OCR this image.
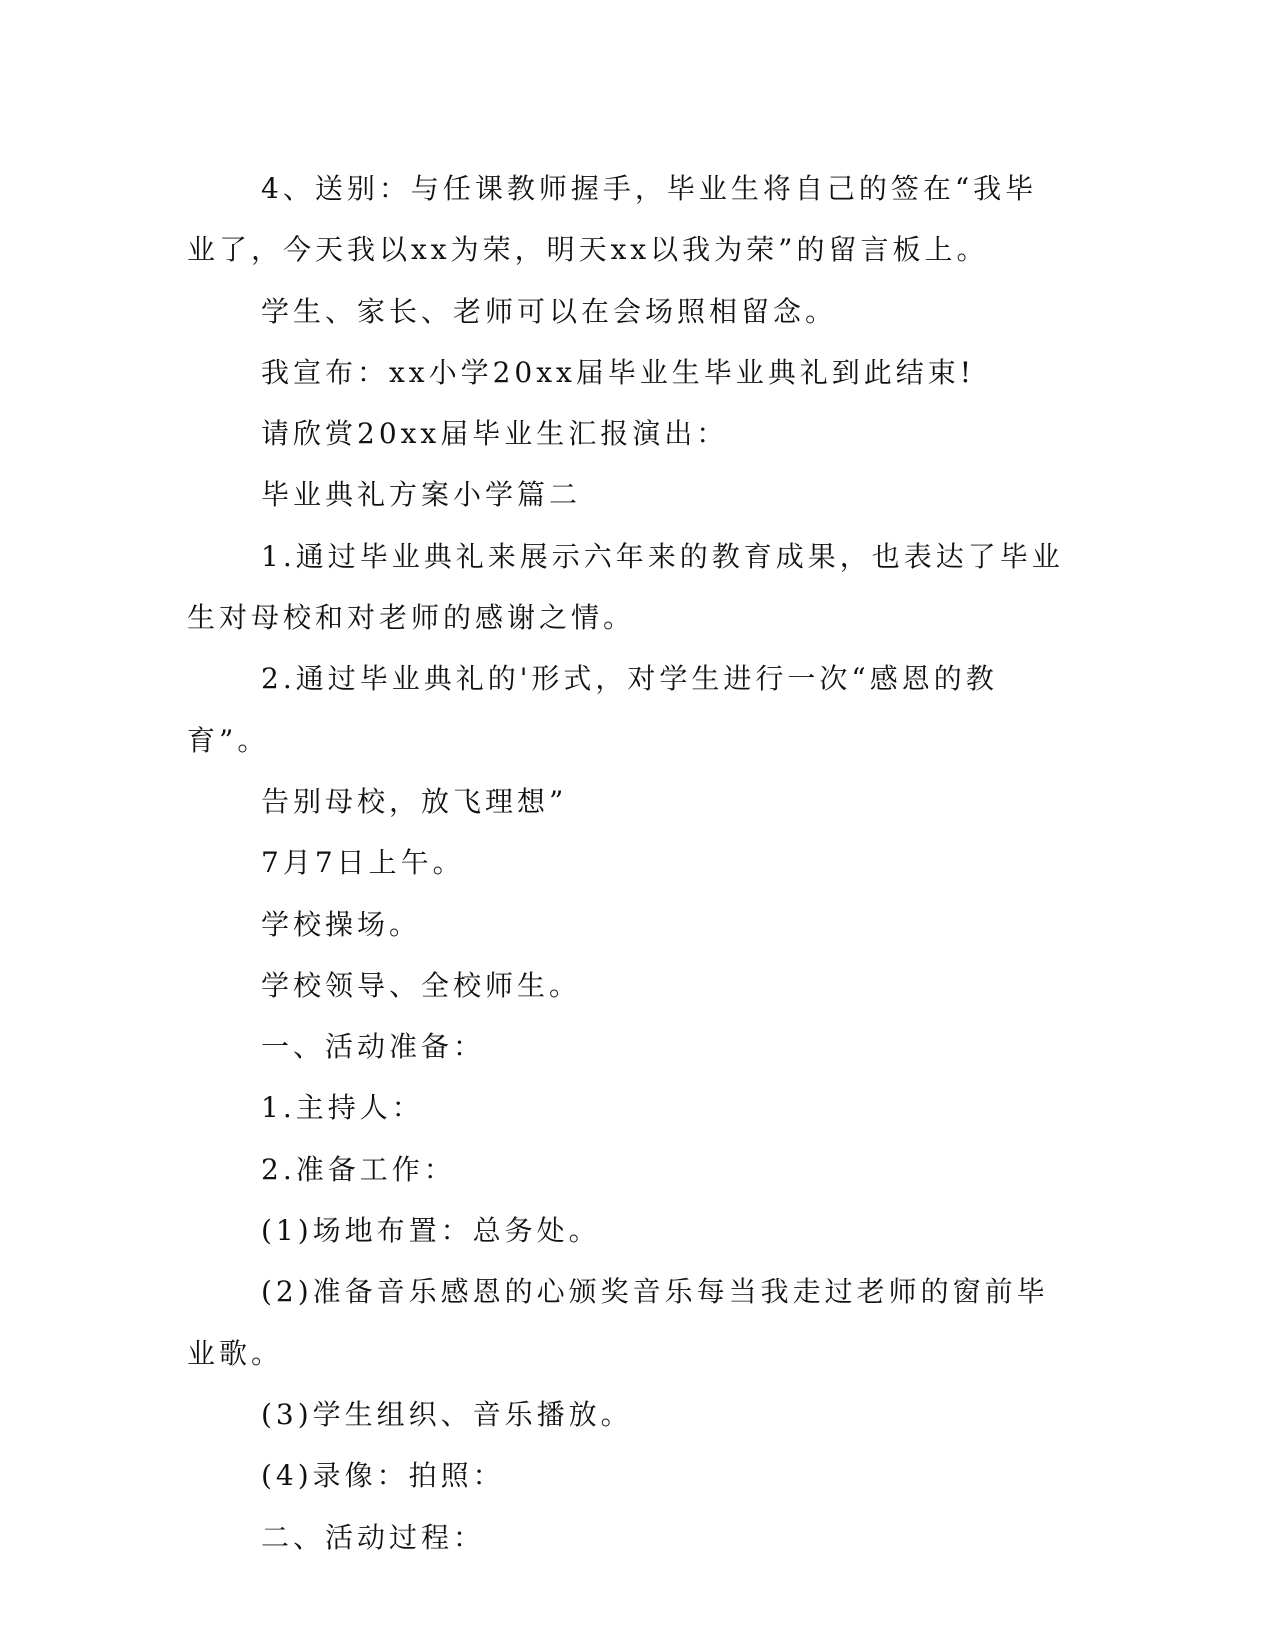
4、送别：与任课教师握手，毕业生将自己的签在“我毕业了，今天我以xx为荣，明天xx以我为荣”的留言板上。

学生、家长、老师可以在会场照相留念。

我宣布：xx小学20xx届毕业生毕业典礼到此结束!

请欣赏20xx届毕业生汇报演出：

毕业典礼方案小学篇二

1.通过毕业典礼来展示六年来的教育成果，也表达了毕业生对母校和对老师的感谢之情。

2.通过毕业典礼的'形式，对学生进行一次“感恩的教育”。

告别母校，放飞理想”

7月7日上午。

学校操场。

学校领导、全校师生。

一、活动准备：

1.主持人：

2.准备工作：

(1)场地布置：总务处。

(2)准备音乐感恩的心颁奖音乐每当我走过老师的窗前毕业歌。

(3)学生组织、音乐播放。

(4)录像：拍照：

二、活动过程：
